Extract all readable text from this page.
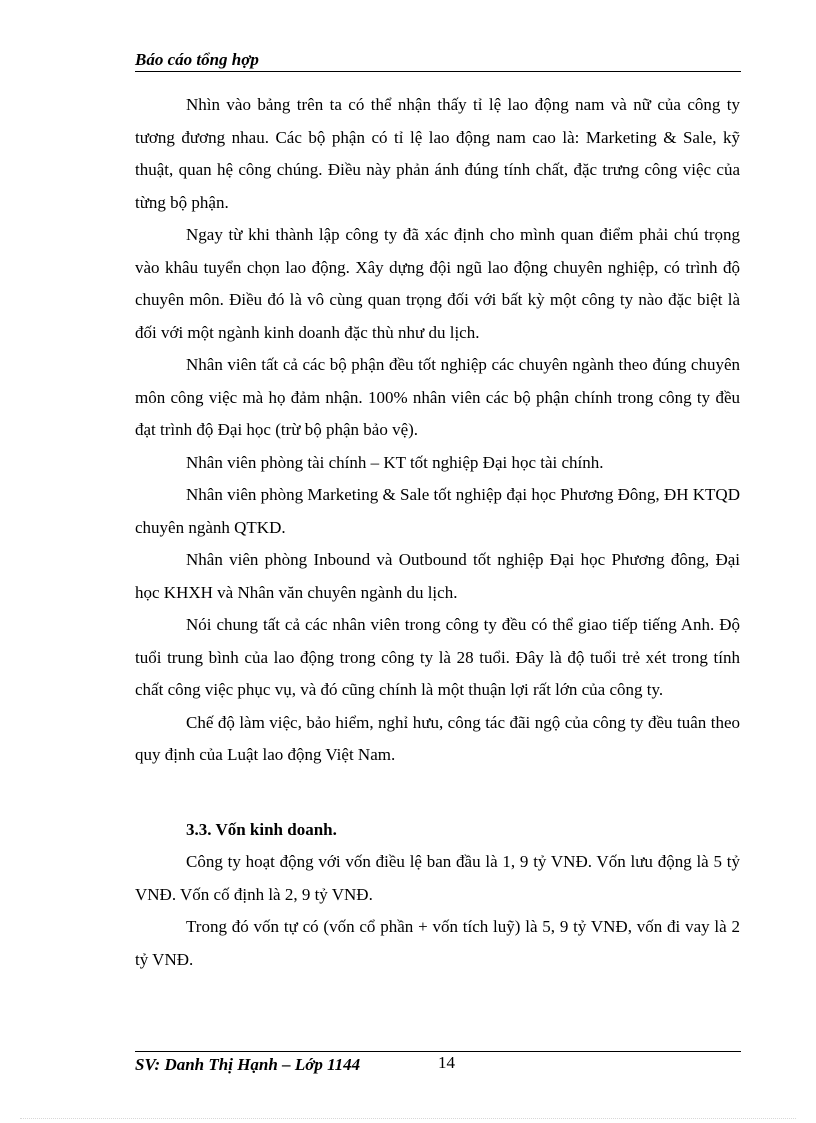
Báo cáo tổng hợp

Nhìn vào bảng trên ta có thể nhận thấy tỉ lệ lao động nam và nữ của công ty tương đương nhau. Các bộ phận có tỉ lệ lao động nam cao là: Marketing & Sale, kỹ thuật, quan hệ công chúng. Điều này phản ánh đúng tính chất, đặc trưng công việc của từng bộ phận.

Ngay từ khi thành lập công ty đã xác định cho mình quan điểm phải chú trọng vào khâu tuyển chọn lao động. Xây dựng đội ngũ lao động chuyên nghiệp, có trình độ chuyên môn. Điều đó là vô cùng quan trọng đối với bất kỳ một công ty nào đặc biệt là đối với một ngành kinh doanh đặc thù như du lịch.

Nhân viên tất cả các bộ phận đều tốt nghiệp các chuyên ngành theo đúng chuyên môn công việc mà họ đảm nhận. 100% nhân viên các bộ phận chính trong công ty đều đạt trình độ Đại học (trừ bộ phận bảo vệ).

Nhân viên phòng tài chính – KT tốt nghiệp Đại học tài chính.

Nhân viên phòng Marketing & Sale tốt nghiệp đại học Phương Đông, ĐH KTQD chuyên ngành QTKD.

Nhân viên phòng Inbound và Outbound tốt nghiệp Đại học Phương đông, Đại học KHXH và Nhân văn chuyên ngành du lịch.

Nói chung tất cả các nhân viên trong công ty đều có thể giao tiếp tiếng Anh. Độ tuổi trung bình của lao động trong công ty là 28 tuổi. Đây là độ tuổi trẻ xét trong tính chất công việc phục vụ, và đó cũng chính là một thuận lợi rất lớn của công ty.

Chế độ làm việc, bảo hiểm, nghỉ hưu, công tác đãi ngộ của công ty đều tuân theo quy định của Luật lao động Việt Nam.

3.3. Vốn kinh doanh.

Công ty hoạt động với vốn điều lệ ban đầu là 1, 9 tỷ VNĐ. Vốn lưu động là 5 tỷ VNĐ. Vốn cố định là 2, 9 tỷ VNĐ.

Trong đó vốn tự có (vốn cổ phần + vốn tích luỹ) là 5, 9 tỷ VNĐ, vốn đi vay là 2 tỷ VNĐ.

SV: Danh Thị Hạnh – Lớp 1144	14
